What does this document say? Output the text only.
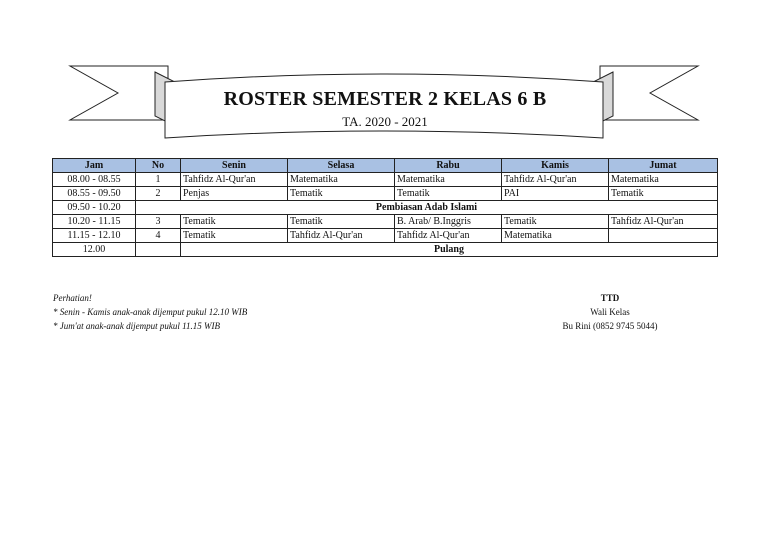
ROSTER SEMESTER 2 KELAS 6 B
TA. 2020 - 2021
Jam	No	Senin	Selasa	Rabu	Kamis	Jumat
08.00 - 08.55	1	Tahfidz Al-Qur'an	Matematika	Matematika	Tahfidz Al-Qur'an	Matematika
08.55 - 09.50	2	Penjas	Tematik	Tematik	PAI	Tematik
09.50 - 10.20	Pembiasan Adab Islami					
10.20 - 11.15	3	Tematik	Tematik	B. Arab/ B.Inggris	Tematik	Tahfidz Al-Qur'an
11.15 - 12.10	4	Tematik	Tahfidz Al-Qur'an	Tahfidz Al-Qur'an	Matematika	
12.00		Pulang				
Perhatian!
* Senin - Kamis anak-anak dijemput pukul 12.10 WIB
* Jum'at anak-anak dijemput pukul 11.15 WIB
TTD
Wali Kelas
Bu Rini (0852 9745 5044)
